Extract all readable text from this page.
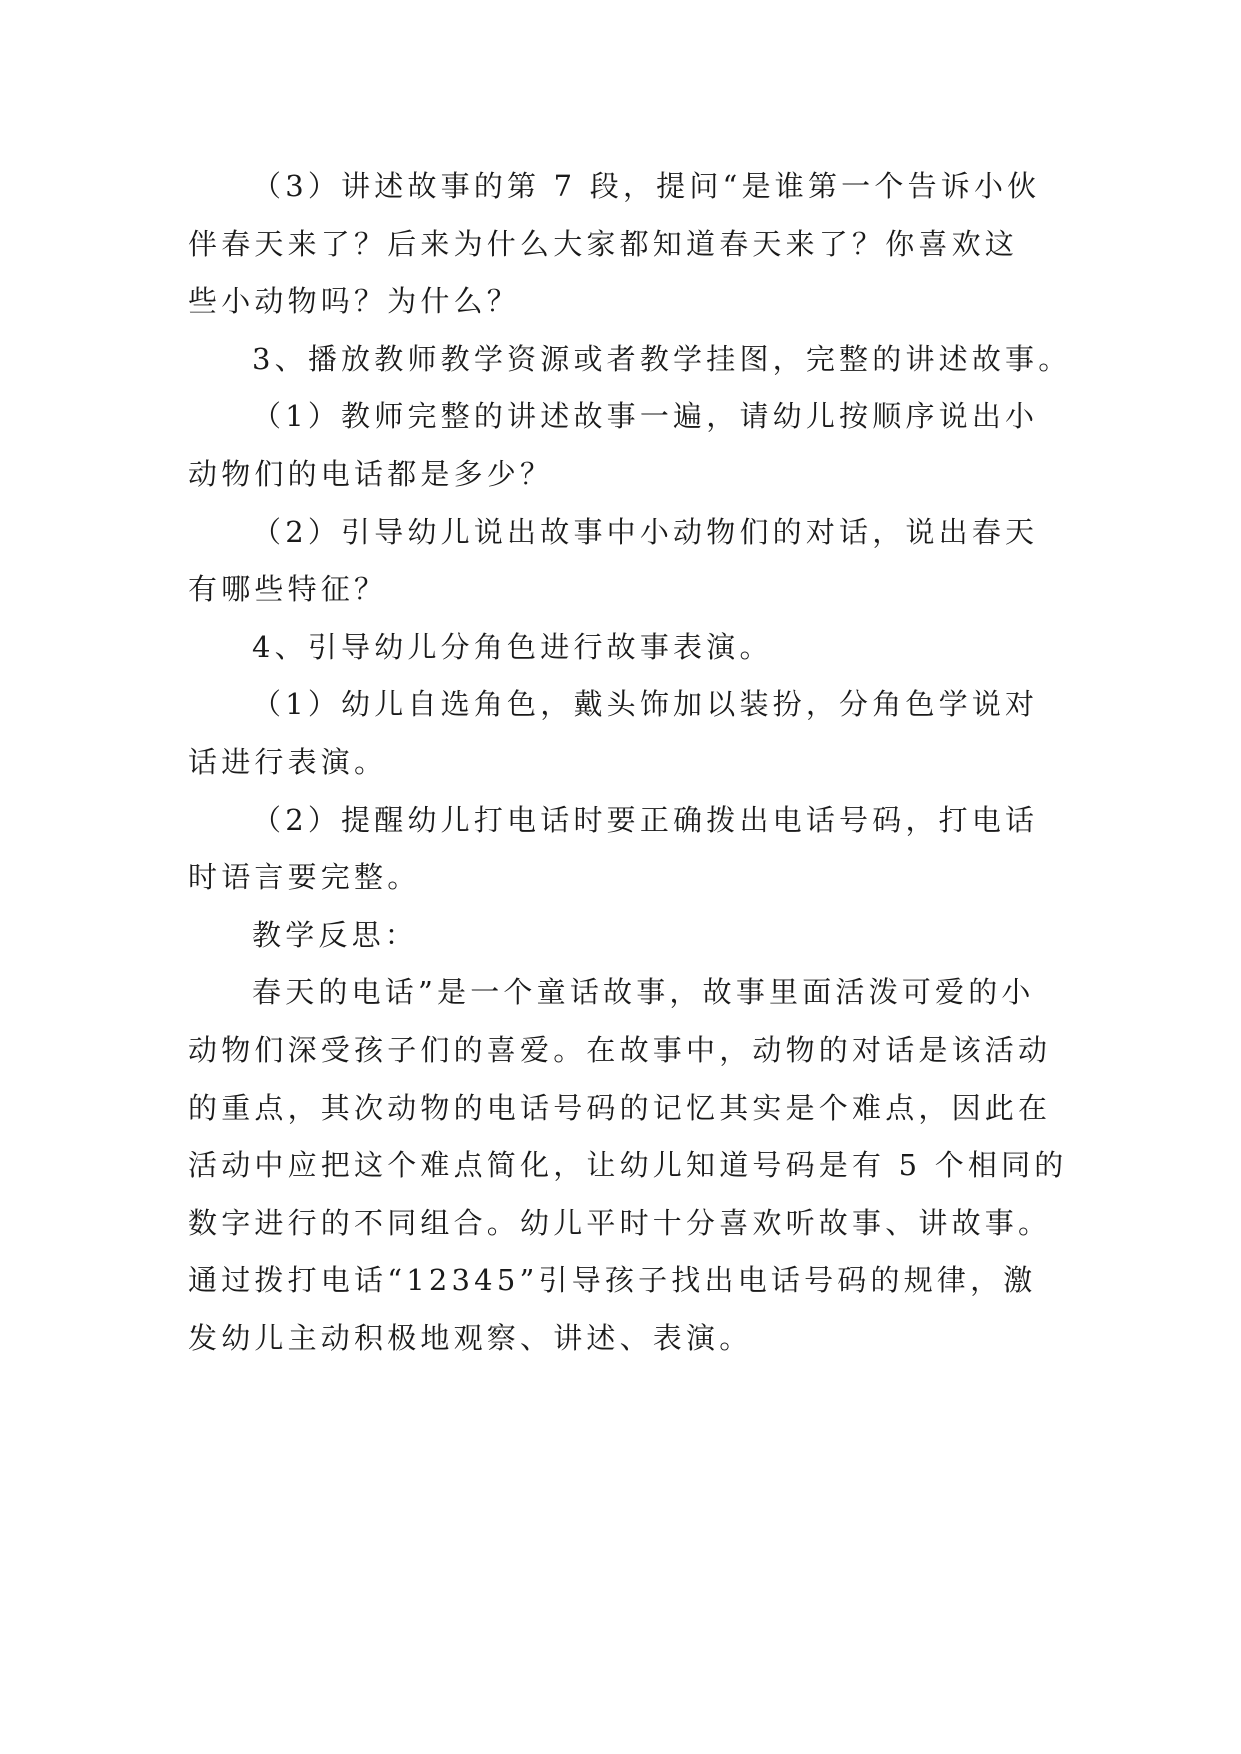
（3）讲述故事的第 7 段，提问“是谁第一个告诉小伙
伴春天来了？后来为什么大家都知道春天来了？你喜欢这
些小动物吗？为什么？
3、播放教师教学资源或者教学挂图，完整的讲述故事。
（1）教师完整的讲述故事一遍，请幼儿按顺序说出小
动物们的电话都是多少？
（2）引导幼儿说出故事中小动物们的对话，说出春天
有哪些特征？
4、引导幼儿分角色进行故事表演。
（1）幼儿自选角色，戴头饰加以装扮，分角色学说对
话进行表演。
（2）提醒幼儿打电话时要正确拨出电话号码，打电话
时语言要完整。
教学反思：
春天的电话”是一个童话故事，故事里面活泼可爱的小
动物们深受孩子们的喜爱。在故事中，动物的对话是该活动
的重点，其次动物的电话号码的记忆其实是个难点，因此在
活动中应把这个难点简化，让幼儿知道号码是有 5 个相同的
数字进行的不同组合。幼儿平时十分喜欢听故事、讲故事。
通过拨打电话“12345”引导孩子找出电话号码的规律，激
发幼儿主动积极地观察、讲述、表演。
